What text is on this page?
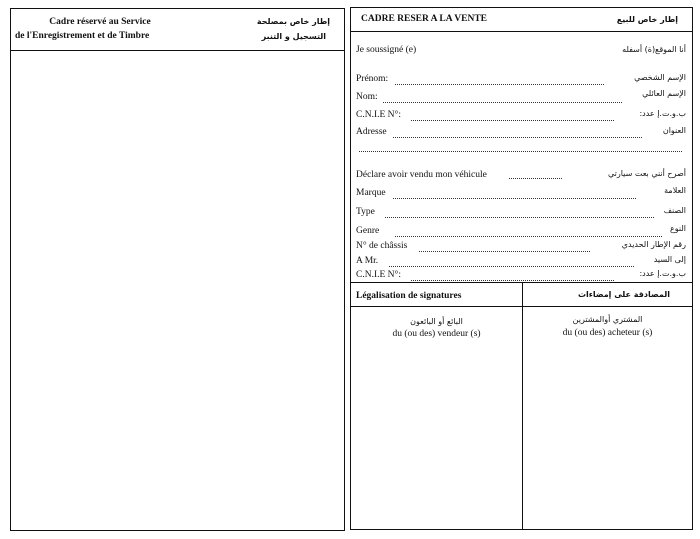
Cadre réservé au Service
de l'Enregistrement et de Timbre
إطار خاص بمصلحة
التسجيل و التنبر
CADRE RESER A LA VENTE	إطار خاص للبيع
Je soussigné (e)	أنا الموقع(ة) أسفله
Prénom:	الإسم الشخصي
Nom:	الإسم العائلي
C.N.I.E N°:	ب.و.ت.إ عدد:
Adresse	العنوان
Déclare avoir vendu mon véhicule	أصرح أنني بعت سيارتي
Marque	العلامة
Type	الصنف
Genre	النوع
N° de châssis	رقم الإطار الحديدي
A Mr.	إلى السيد
C.N.I.E N°:	ب.و.ت.إ عدد:
Légalisation de signatures	المصادقة على إمضاءات
البائع أو البائعون
du (ou des) vendeur (s)
المشتري أوالمشترين
du (ou des) acheteur (s)
